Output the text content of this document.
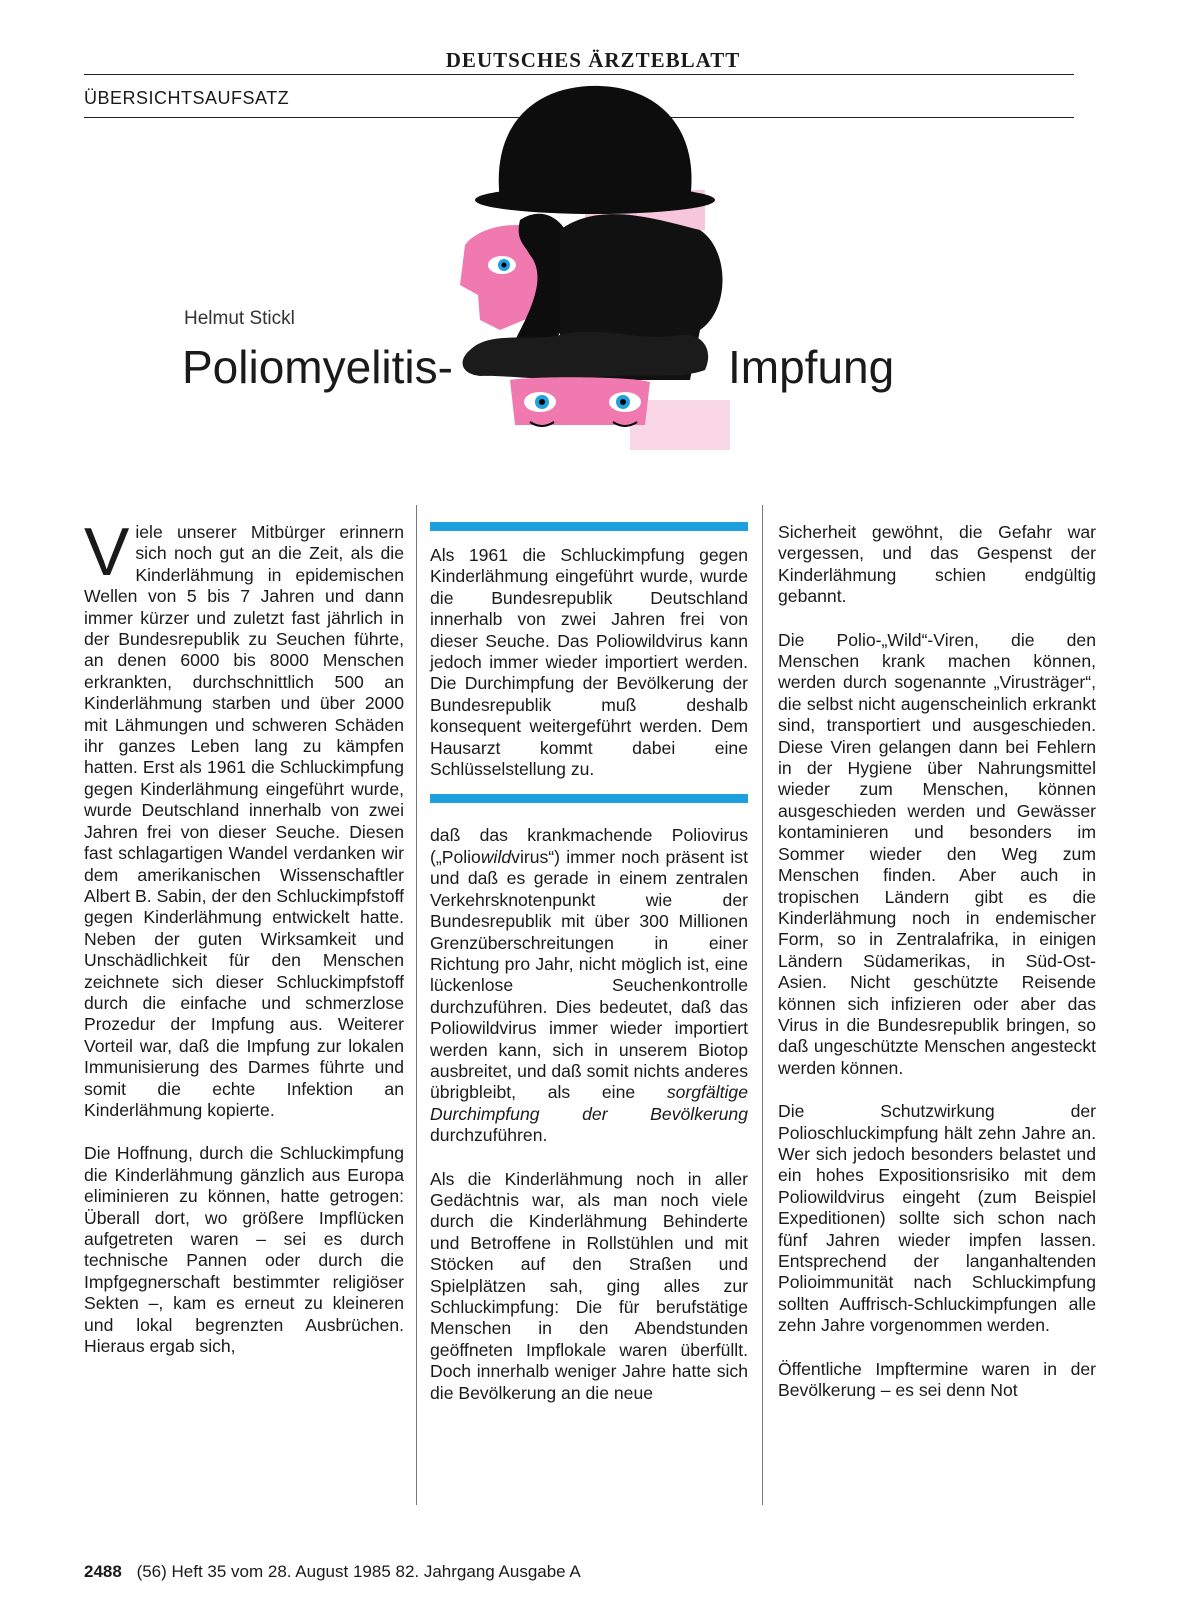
DEUTSCHES ÄRZTEBLATT
ÜBERSICHTSAUFSATZ
Helmut Stickl
Poliomyelitis-	Impfung

Viele unserer Mitbürger erinnern sich noch gut an die Zeit, als die Kinderlähmung in epidemischen Wellen von 5 bis 7 Jahren und dann immer kürzer und zuletzt fast jährlich in der Bundesrepublik zu Seuchen führte, an denen 6000 bis 8000 Menschen erkrankten, durchschnittlich 500 an Kinderlähmung starben und über 2000 mit Lähmungen und schweren Schäden ihr ganzes Leben lang zu kämpfen hatten. Erst als 1961 die Schluckimpfung gegen Kinderlähmung eingeführt wurde, wurde Deutschland innerhalb von zwei Jahren frei von dieser Seuche. Diesen fast schlagartigen Wandel verdanken wir dem amerikanischen Wissenschaftler Albert B. Sabin, der den Schluckimpfstoff gegen Kinderlähmung entwickelt hatte. Neben der guten Wirksamkeit und Unschädlichkeit für den Menschen zeichnete sich dieser Schluckimpfstoff durch die einfache und schmerzlose Prozedur der Impfung aus. Weiterer Vorteil war, daß die Impfung zur lokalen Immunisierung des Darmes führte und somit die echte Infektion an Kinderlähmung kopierte.

Die Hoffnung, durch die Schluckimpfung die Kinderlähmung gänzlich aus Europa eliminieren zu können, hatte getrogen: Überall dort, wo größere Impflücken aufgetreten waren – sei es durch technische Pannen oder durch die Impfgegnerschaft bestimmter religiöser Sekten –, kam es erneut zu kleineren und lokal begrenzten Ausbrüchen. Hieraus ergab sich,

Als 1961 die Schluckimpfung gegen Kinderlähmung eingeführt wurde, wurde die Bundesrepublik Deutschland innerhalb von zwei Jahren frei von dieser Seuche. Das Poliowildvirus kann jedoch immer wieder importiert werden. Die Durchimpfung der Bevölkerung der Bundesrepublik muß deshalb konsequent weitergeführt werden. Dem Hausarzt kommt dabei eine Schlüsselstellung zu.

daß das krankmachende Poliovirus („Poliowildvirus“) immer noch präsent ist und daß es gerade in einem zentralen Verkehrsknotenpunkt wie der Bundesrepublik mit über 300 Millionen Grenzüberschreitungen in einer Richtung pro Jahr, nicht möglich ist, eine lückenlose Seuchenkontrolle durchzuführen. Dies bedeutet, daß das Poliowildvirus immer wieder importiert werden kann, sich in unserem Biotop ausbreitet, und daß somit nichts anderes übrigbleibt, als eine sorgfältige Durchimpfung der Bevölkerung durchzuführen.

Als die Kinderlähmung noch in aller Gedächtnis war, als man noch viele durch die Kinderlähmung Behinderte und Betroffene in Rollstühlen und mit Stöcken auf den Straßen und Spielplätzen sah, ging alles zur Schluckimpfung: Die für berufstätige Menschen in den Abendstunden geöffneten Impflokale waren überfüllt. Doch innerhalb weniger Jahre hatte sich die Bevölkerung an die neue

Sicherheit gewöhnt, die Gefahr war vergessen, und das Gespenst der Kinderlähmung schien endgültig gebannt.

Die Polio-„Wild“-Viren, die den Menschen krank machen können, werden durch sogenannte „Virusträger“, die selbst nicht augenscheinlich erkrankt sind, transportiert und ausgeschieden. Diese Viren gelangen dann bei Fehlern in der Hygiene über Nahrungsmittel wieder zum Menschen, können ausgeschieden werden und Gewässer kontaminieren und besonders im Sommer wieder den Weg zum Menschen finden. Aber auch in tropischen Ländern gibt es die Kinderlähmung noch in endemischer Form, so in Zentralafrika, in einigen Ländern Südamerikas, in Süd-Ost-Asien. Nicht geschützte Reisende können sich infizieren oder aber das Virus in die Bundesrepublik bringen, so daß ungeschützte Menschen angesteckt werden können.

Die Schutzwirkung der Polioschluckimpfung hält zehn Jahre an. Wer sich jedoch besonders belastet und ein hohes Expositionsrisiko mit dem Poliowildvirus eingeht (zum Beispiel Expeditionen) sollte sich schon nach fünf Jahren wieder impfen lassen. Entsprechend der langanhaltenden Polioimmunität nach Schluckimpfung sollten Auffrisch-Schluckimpfungen alle zehn Jahre vorgenommen werden.

Öffentliche Impftermine waren in der Bevölkerung – es sei denn Not

2488 (56) Heft 35 vom 28. August 1985 82. Jahrgang Ausgabe A
